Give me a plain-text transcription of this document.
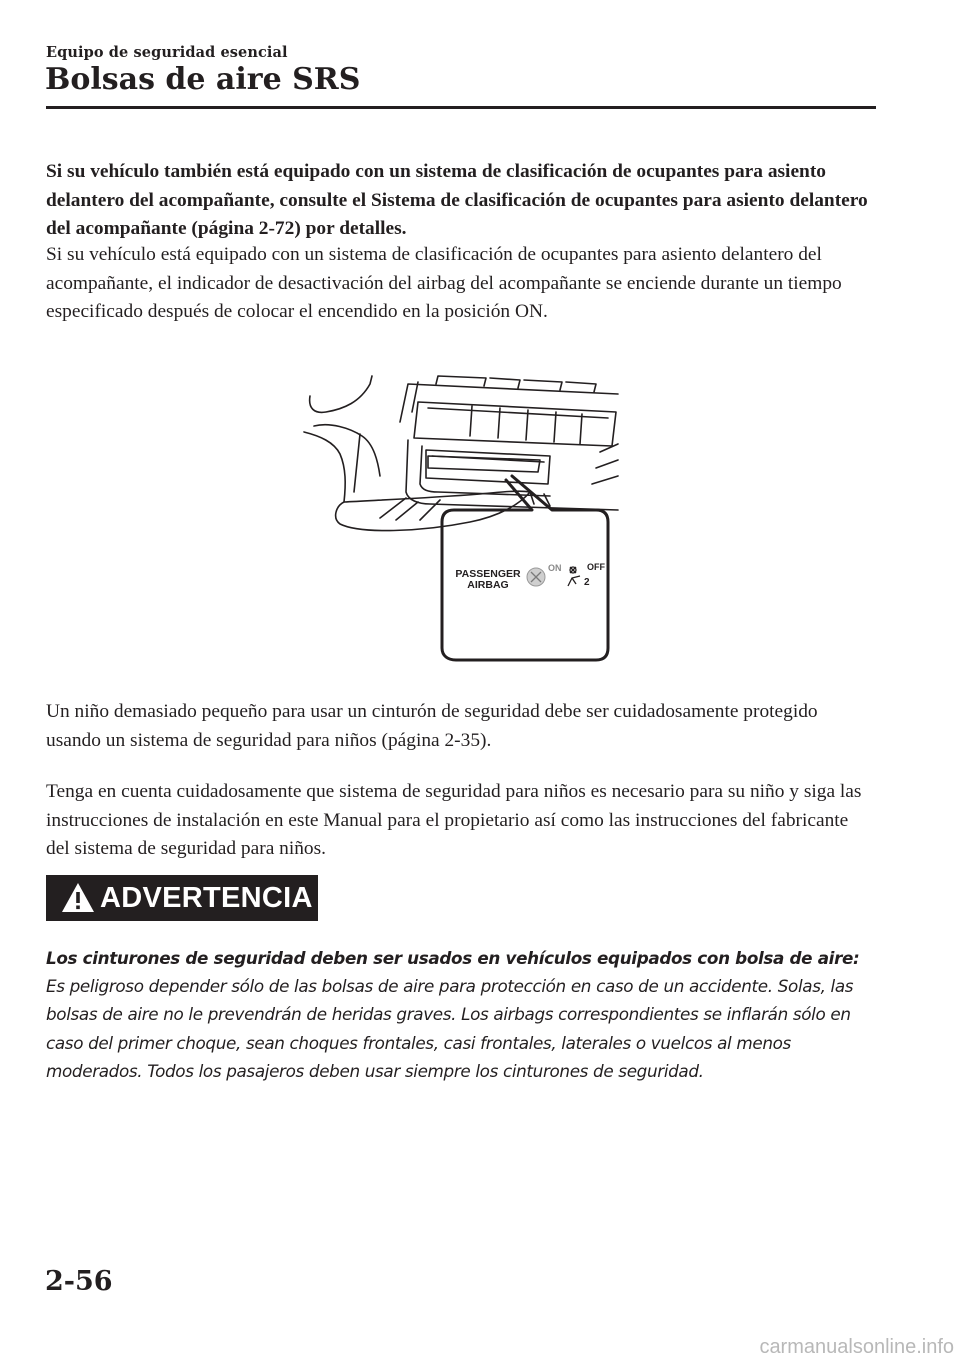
Equipo de seguridad esencial
Bolsas de aire SRS

Si su vehículo también está equipado con un sistema de clasificación de ocupantes para asiento delantero del acompañante, consulte el Sistema de clasificación de ocupantes para asiento delantero del acompañante (página 2-72) por detalles.

Si su vehículo está equipado con un sistema de clasificación de ocupantes para asiento delantero del acompañante, el indicador de desactivación del airbag del acompañante se enciende durante un tiempo especificado después de colocar el encendido en la posición ON.

PASSENGER
AIRBAG
ON	OFF
2

Un niño demasiado pequeño para usar un cinturón de seguridad debe ser cuidadosamente protegido usando un sistema de seguridad para niños (página 2-35).

Tenga en cuenta cuidadosamente que sistema de seguridad para niños es necesario para su niño y siga las instrucciones de instalación en este Manual para el propietario así como las instrucciones del fabricante del sistema de seguridad para niños.

ADVERTENCIA

Los cinturones de seguridad deben ser usados en vehículos equipados con bolsa de aire:

Es peligroso depender sólo de las bolsas de aire para protección en caso de un accidente. Solas, las bolsas de aire no le prevendrán de heridas graves. Los airbags correspondientes se inflarán sólo en caso del primer choque, sean choques frontales, casi frontales, laterales o vuelcos al menos moderados. Todos los pasajeros deben usar siempre los cinturones de seguridad.

2-56
carmanualsonline.info
